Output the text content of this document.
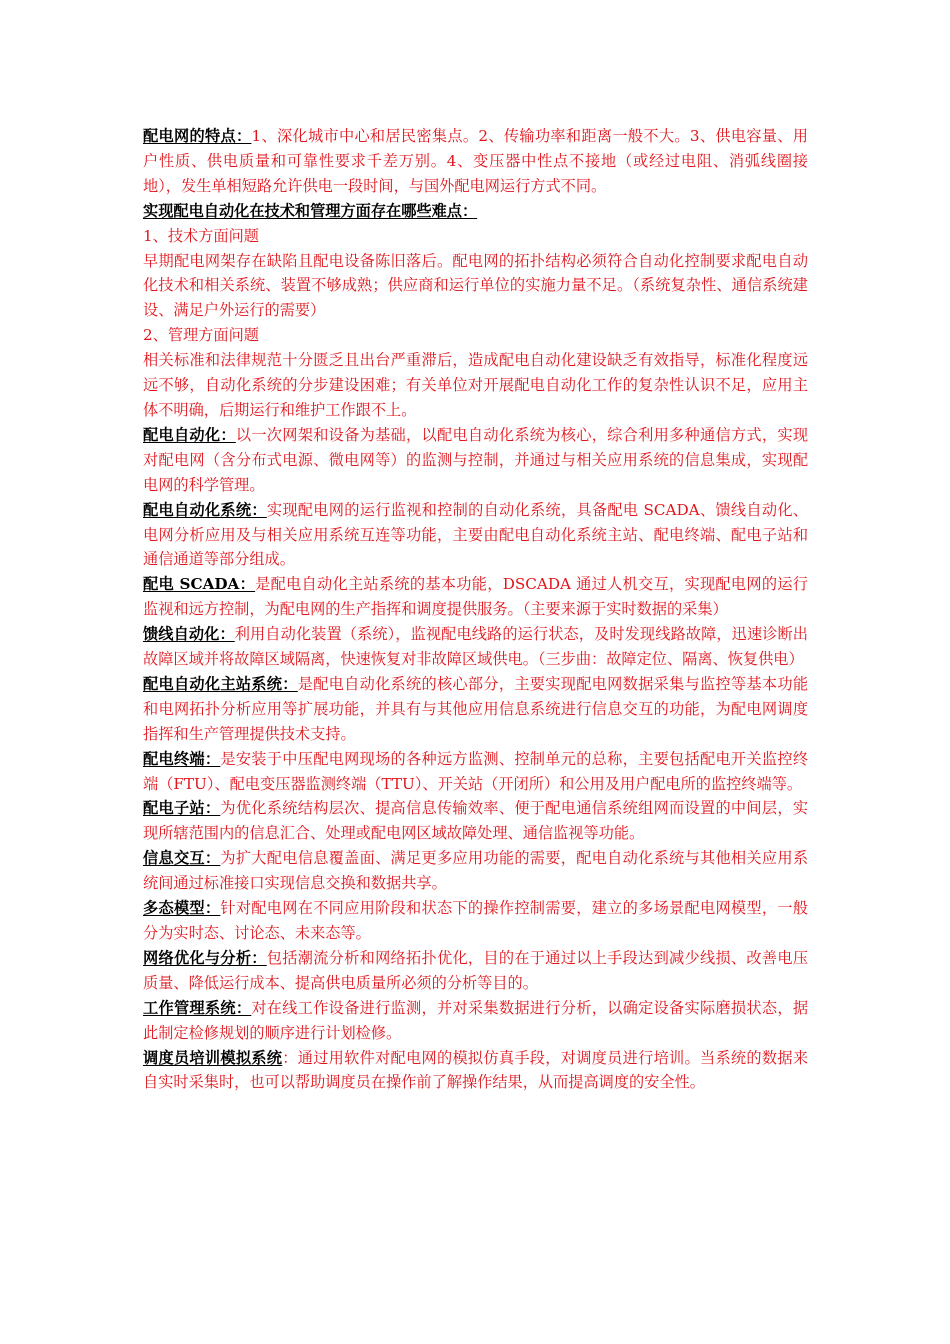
配电网的特点：1、深化城市中心和居民密集点。2、传输功率和距离一般不大。3、供电容量、用户性质、供电质量和可靠性要求千差万别。4、变压器中性点不接地（或经过电阻、消弧线圈接地），发生单相短路允许供电一段时间，与国外配电网运行方式不同。

实现配电自动化在技术和管理方面存在哪些难点：

1、技术方面问题

早期配电网架存在缺陷且配电设备陈旧落后。配电网的拓扑结构必须符合自动化控制要求配电自动化技术和相关系统、装置不够成熟；供应商和运行单位的实施力量不足。（系统复杂性、通信系统建设、满足户外运行的需要）

2、管理方面问题

相关标准和法律规范十分匮乏且出台严重滞后，造成配电自动化建设缺乏有效指导，标准化程度远远不够，自动化系统的分步建设困难；有关单位对开展配电自动化工作的复杂性认识不足，应用主体不明确，后期运行和维护工作跟不上。

配电自动化：以一次网架和设备为基础，以配电自动化系统为核心，综合利用多种通信方式，实现对配电网（含分布式电源、微电网等）的监测与控制，并通过与相关应用系统的信息集成，实现配电网的科学管理。

配电自动化系统：实现配电网的运行监视和控制的自动化系统，具备配电 SCADA、馈线自动化、电网分析应用及与相关应用系统互连等功能，主要由配电自动化系统主站、配电终端、配电子站和通信通道等部分组成。

配电 SCADA：是配电自动化主站系统的基本功能，DSCADA 通过人机交互，实现配电网的运行监视和远方控制，为配电网的生产指挥和调度提供服务。（主要来源于实时数据的采集）

馈线自动化：利用自动化装置（系统），监视配电线路的运行状态，及时发现线路故障，迅速诊断出故障区域并将故障区域隔离，快速恢复对非故障区域供电。（三步曲：故障定位、隔离、恢复供电）

配电自动化主站系统：是配电自动化系统的核心部分，主要实现配电网数据采集与监控等基本功能和电网拓扑分析应用等扩展功能，并具有与其他应用信息系统进行信息交互的功能，为配电网调度指挥和生产管理提供技术支持。

配电终端：是安装于中压配电网现场的各种远方监测、控制单元的总称，主要包括配电开关监控终端（FTU）、配电变压器监测终端（TTU）、开关站（开闭所）和公用及用户配电所的监控终端等。

配电子站：为优化系统结构层次、提高信息传输效率、便于配电通信系统组网而设置的中间层，实现所辖范围内的信息汇合、处理或配电网区域故障处理、通信监视等功能。

信息交互：为扩大配电信息覆盖面、满足更多应用功能的需要，配电自动化系统与其他相关应用系统间通过标准接口实现信息交换和数据共享。

多态模型：针对配电网在不同应用阶段和状态下的操作控制需要，建立的多场景配电网模型，一般分为实时态、讨论态、未来态等。

网络优化与分析：包括潮流分析和网络拓扑优化，目的在于通过以上手段达到减少线损、改善电压质量、降低运行成本、提高供电质量所必须的分析等目的。

工作管理系统：对在线工作设备进行监测，并对采集数据进行分析，以确定设备实际磨损状态，据此制定检修规划的顺序进行计划检修。

调度员培训模拟系统：通过用软件对配电网的模拟仿真手段，对调度员进行培训。当系统的数据来自实时采集时，也可以帮助调度员在操作前了解操作结果，从而提高调度的安全性。
